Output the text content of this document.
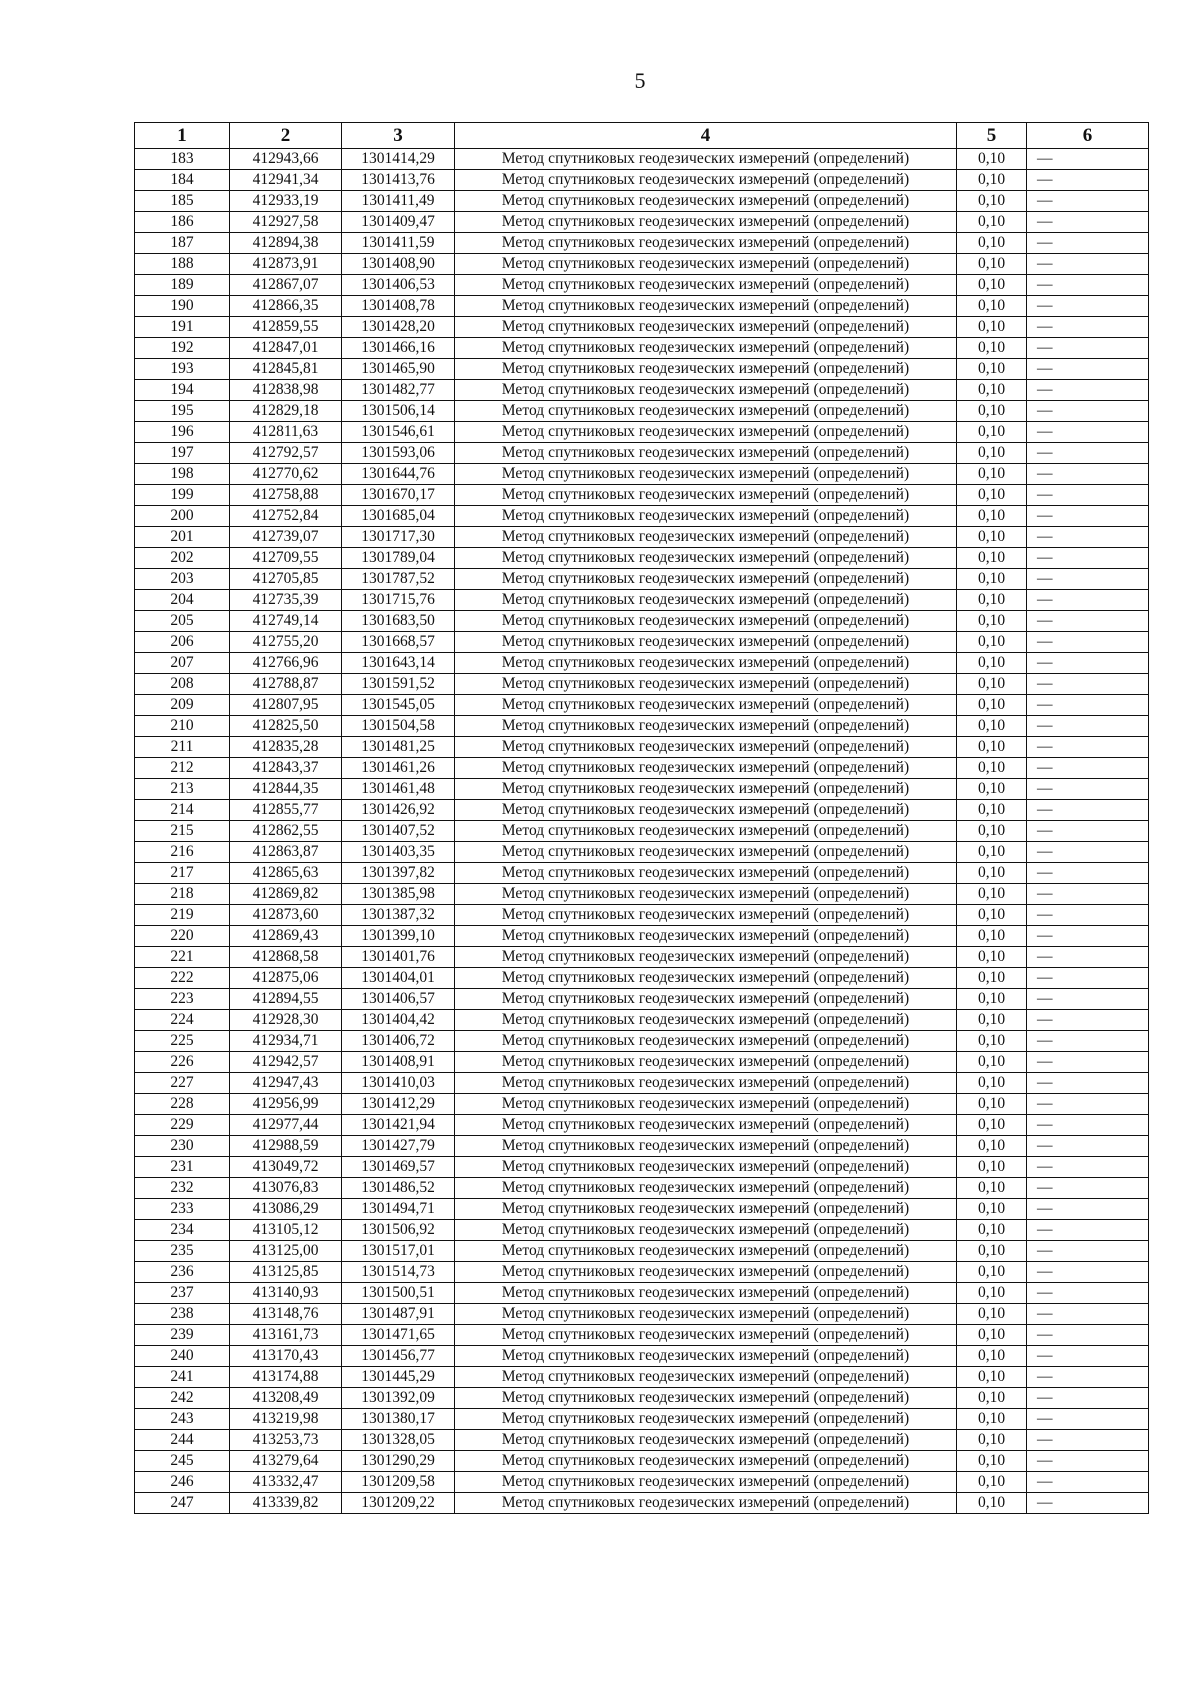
5
1	2	3	4	5	6
183	412943,66	1301414,29	Метод спутниковых геодезических измерений (определений)	0,10	—
184	412941,34	1301413,76	Метод спутниковых геодезических измерений (определений)	0,10	—
185	412933,19	1301411,49	Метод спутниковых геодезических измерений (определений)	0,10	—
186	412927,58	1301409,47	Метод спутниковых геодезических измерений (определений)	0,10	—
187	412894,38	1301411,59	Метод спутниковых геодезических измерений (определений)	0,10	—
188	412873,91	1301408,90	Метод спутниковых геодезических измерений (определений)	0,10	—
189	412867,07	1301406,53	Метод спутниковых геодезических измерений (определений)	0,10	—
190	412866,35	1301408,78	Метод спутниковых геодезических измерений (определений)	0,10	—
191	412859,55	1301428,20	Метод спутниковых геодезических измерений (определений)	0,10	—
192	412847,01	1301466,16	Метод спутниковых геодезических измерений (определений)	0,10	—
193	412845,81	1301465,90	Метод спутниковых геодезических измерений (определений)	0,10	—
194	412838,98	1301482,77	Метод спутниковых геодезических измерений (определений)	0,10	—
195	412829,18	1301506,14	Метод спутниковых геодезических измерений (определений)	0,10	—
196	412811,63	1301546,61	Метод спутниковых геодезических измерений (определений)	0,10	—
197	412792,57	1301593,06	Метод спутниковых геодезических измерений (определений)	0,10	—
198	412770,62	1301644,76	Метод спутниковых геодезических измерений (определений)	0,10	—
199	412758,88	1301670,17	Метод спутниковых геодезических измерений (определений)	0,10	—
200	412752,84	1301685,04	Метод спутниковых геодезических измерений (определений)	0,10	—
201	412739,07	1301717,30	Метод спутниковых геодезических измерений (определений)	0,10	—
202	412709,55	1301789,04	Метод спутниковых геодезических измерений (определений)	0,10	—
203	412705,85	1301787,52	Метод спутниковых геодезических измерений (определений)	0,10	—
204	412735,39	1301715,76	Метод спутниковых геодезических измерений (определений)	0,10	—
205	412749,14	1301683,50	Метод спутниковых геодезических измерений (определений)	0,10	—
206	412755,20	1301668,57	Метод спутниковых геодезических измерений (определений)	0,10	—
207	412766,96	1301643,14	Метод спутниковых геодезических измерений (определений)	0,10	—
208	412788,87	1301591,52	Метод спутниковых геодезических измерений (определений)	0,10	—
209	412807,95	1301545,05	Метод спутниковых геодезических измерений (определений)	0,10	—
210	412825,50	1301504,58	Метод спутниковых геодезических измерений (определений)	0,10	—
211	412835,28	1301481,25	Метод спутниковых геодезических измерений (определений)	0,10	—
212	412843,37	1301461,26	Метод спутниковых геодезических измерений (определений)	0,10	—
213	412844,35	1301461,48	Метод спутниковых геодезических измерений (определений)	0,10	—
214	412855,77	1301426,92	Метод спутниковых геодезических измерений (определений)	0,10	—
215	412862,55	1301407,52	Метод спутниковых геодезических измерений (определений)	0,10	—
216	412863,87	1301403,35	Метод спутниковых геодезических измерений (определений)	0,10	—
217	412865,63	1301397,82	Метод спутниковых геодезических измерений (определений)	0,10	—
218	412869,82	1301385,98	Метод спутниковых геодезических измерений (определений)	0,10	—
219	412873,60	1301387,32	Метод спутниковых геодезических измерений (определений)	0,10	—
220	412869,43	1301399,10	Метод спутниковых геодезических измерений (определений)	0,10	—
221	412868,58	1301401,76	Метод спутниковых геодезических измерений (определений)	0,10	—
222	412875,06	1301404,01	Метод спутниковых геодезических измерений (определений)	0,10	—
223	412894,55	1301406,57	Метод спутниковых геодезических измерений (определений)	0,10	—
224	412928,30	1301404,42	Метод спутниковых геодезических измерений (определений)	0,10	—
225	412934,71	1301406,72	Метод спутниковых геодезических измерений (определений)	0,10	—
226	412942,57	1301408,91	Метод спутниковых геодезических измерений (определений)	0,10	—
227	412947,43	1301410,03	Метод спутниковых геодезических измерений (определений)	0,10	—
228	412956,99	1301412,29	Метод спутниковых геодезических измерений (определений)	0,10	—
229	412977,44	1301421,94	Метод спутниковых геодезических измерений (определений)	0,10	—
230	412988,59	1301427,79	Метод спутниковых геодезических измерений (определений)	0,10	—
231	413049,72	1301469,57	Метод спутниковых геодезических измерений (определений)	0,10	—
232	413076,83	1301486,52	Метод спутниковых геодезических измерений (определений)	0,10	—
233	413086,29	1301494,71	Метод спутниковых геодезических измерений (определений)	0,10	—
234	413105,12	1301506,92	Метод спутниковых геодезических измерений (определений)	0,10	—
235	413125,00	1301517,01	Метод спутниковых геодезических измерений (определений)	0,10	—
236	413125,85	1301514,73	Метод спутниковых геодезических измерений (определений)	0,10	—
237	413140,93	1301500,51	Метод спутниковых геодезических измерений (определений)	0,10	—
238	413148,76	1301487,91	Метод спутниковых геодезических измерений (определений)	0,10	—
239	413161,73	1301471,65	Метод спутниковых геодезических измерений (определений)	0,10	—
240	413170,43	1301456,77	Метод спутниковых геодезических измерений (определений)	0,10	—
241	413174,88	1301445,29	Метод спутниковых геодезических измерений (определений)	0,10	—
242	413208,49	1301392,09	Метод спутниковых геодезических измерений (определений)	0,10	—
243	413219,98	1301380,17	Метод спутниковых геодезических измерений (определений)	0,10	—
244	413253,73	1301328,05	Метод спутниковых геодезических измерений (определений)	0,10	—
245	413279,64	1301290,29	Метод спутниковых геодезических измерений (определений)	0,10	—
246	413332,47	1301209,58	Метод спутниковых геодезических измерений (определений)	0,10	—
247	413339,82	1301209,22	Метод спутниковых геодезических измерений (определений)	0,10	—
